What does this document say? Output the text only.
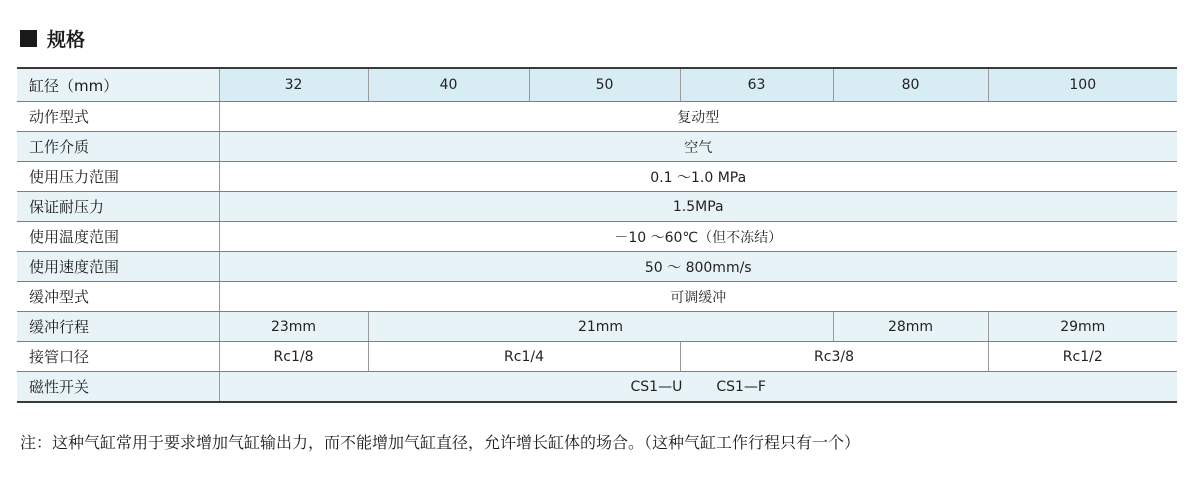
规格
缸径（mm）	32	40	50	63	80	100
动作型式	复动型					
工作介质	空气					
使用压力范围	0.1 ～1.0 MPa					
保证耐压力	1.5MPa					
使用温度范围	－10 ～60℃（但不冻结）					
使用速度范围	50 ～ 800mm/s					
缓冲型式	可调缓冲					
缓冲行程	23mm	21mm			28mm	29mm
接管口径	Rc1/8	Rc1/4		Rc3/8		Rc1/2
磁性开关	CS1—U CS1—F					
注：这种气缸常用于要求增加气缸输出力，而不能增加气缸直径，允许增长缸体的场合。（这种气缸工作行程只有一个）
